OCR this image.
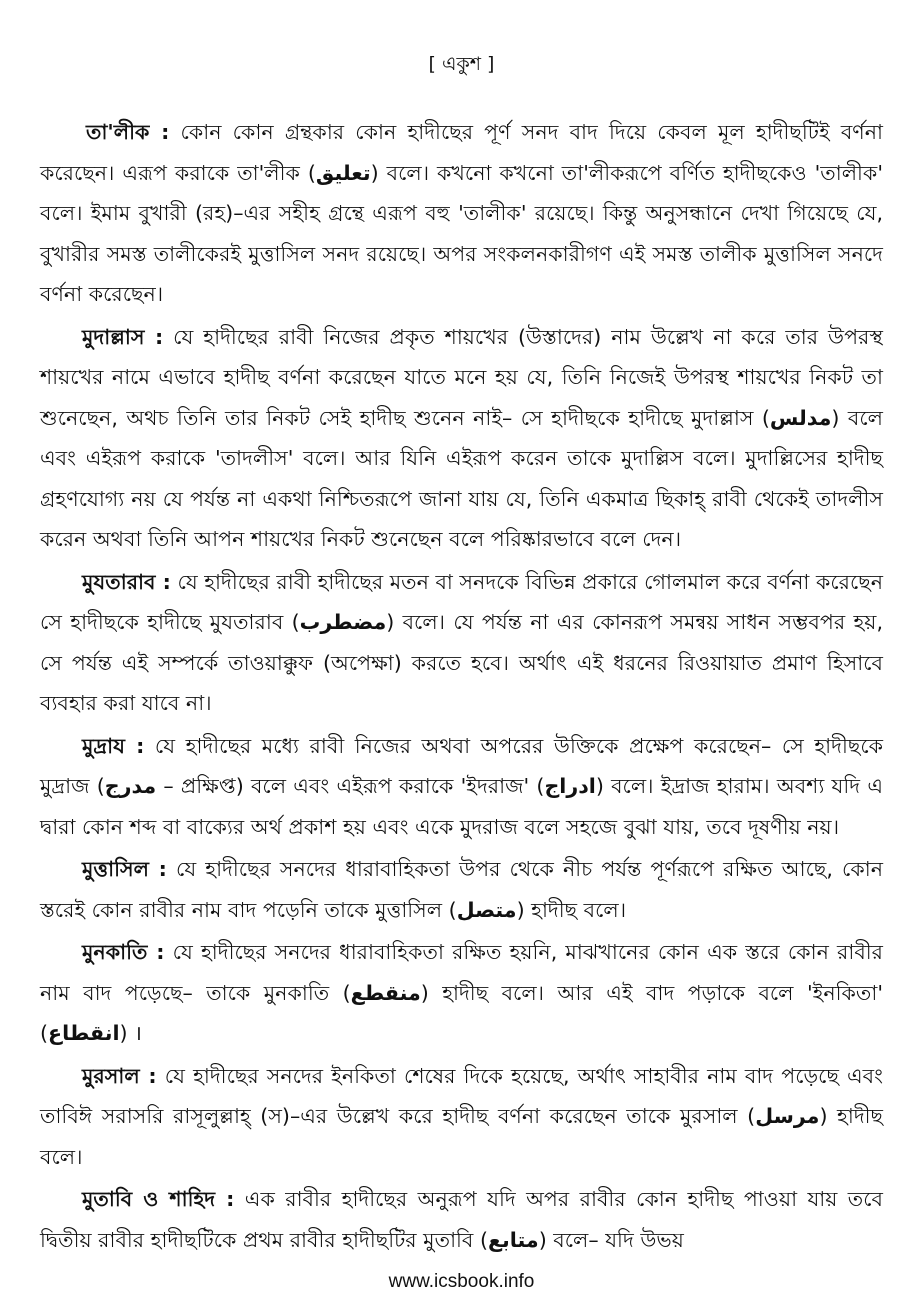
[ একুশ ]

তা'লীক : কোন কোন গ্রন্থকার কোন হাদীছের পূর্ণ সনদ বাদ দিয়ে কেবল মূল হাদীছটিই বর্ণনা করেছেন। এরূপ করাকে তা'লীক (تعليق) বলে। কখনো কখনো তা'লীকরূপে বর্ণিত হাদীছকেও 'তালীক' বলে। ইমাম বুখারী (রহ)–এর সহীহ গ্রন্থে এরূপ বহু 'তালীক' রয়েছে। কিন্তু অনুসন্ধানে দেখা গিয়েছে যে, বুখারীর সমস্ত তালীকেরই মুত্তাসিল সনদ রয়েছে। অপর সংকলনকারীগণ এই সমস্ত তালীক মুত্তাসিল সনদে বর্ণনা করেছেন।

মুদাল্লাস : যে হাদীছের রাবী নিজের প্রকৃত শায়খের (উস্তাদের) নাম উল্লেখ না করে তার উপরস্থ শায়খের নামে এভাবে হাদীছ বর্ণনা করেছেন যাতে মনে হয় যে, তিনি নিজেই উপরস্থ শায়খের নিকট তা শুনেছেন, অথচ তিনি তার নিকট সেই হাদীছ শুনেন নাই– সে হাদীছকে হাদীছে মুদাল্লাস (مدلس) বলে এবং এইরূপ করাকে 'তাদলীস' বলে। আর যিনি এইরূপ করেন তাকে মুদাল্লিস বলে। মুদাল্লিসের হাদীছ গ্রহণযোগ্য নয় যে পর্যন্ত না একথা নিশ্চিতরূপে জানা যায় যে, তিনি একমাত্র ছিকাহ্ রাবী থেকেই তাদলীস করেন অথবা তিনি আপন শায়খের নিকট শুনেছেন বলে পরিষ্কারভাবে বলে দেন।

মুযতারাব : যে হাদীছের রাবী হাদীছের মতন বা সনদকে বিভিন্ন প্রকারে গোলমাল করে বর্ণনা করেছেন সে হাদীছকে হাদীছে মুযতারাব (مضطرب) বলে। যে পর্যন্ত না এর কোনরূপ সমন্বয় সাধন সম্ভবপর হয়, সে পর্যন্ত এই সম্পর্কে তাওয়াক্কুফ (অপেক্ষা) করতে হবে। অর্থাৎ এই ধরনের রিওয়ায়াত প্রমাণ হিসাবে ব্যবহার করা যাবে না।

মুদ্রায : যে হাদীছের মধ্যে রাবী নিজের অথবা অপরের উক্তিকে প্রক্ষেপ করেছেন– সে হাদীছকে মুদ্রাজ (مدرج – প্রক্ষিপ্ত) বলে এবং এইরূপ করাকে 'ইদরাজ' (ادراج) বলে। ইদ্রাজ হারাম। অবশ্য যদি এ দ্বারা কোন শব্দ বা বাক্যের অর্থ প্রকাশ হয় এবং একে মুদরাজ বলে সহজে বুঝা যায়, তবে দূষণীয় নয়।

মুত্তাসিল : যে হাদীছের সনদের ধারাবাহিকতা উপর থেকে নীচ পর্যন্ত পূর্ণরূপে রক্ষিত আছে, কোন স্তরেই কোন রাবীর নাম বাদ পড়েনি তাকে মুত্তাসিল (متصل) হাদীছ বলে।

মুনকাতি : যে হাদীছের সনদের ধারাবাহিকতা রক্ষিত হয়নি, মাঝখানের কোন এক স্তরে কোন রাবীর নাম বাদ পড়েছে– তাকে মুনকাতি (منقطع) হাদীছ বলে। আর এই বাদ পড়াকে বলে 'ইনকিতা' (انقطاع) ।

মুরসাল : যে হাদীছের সনদের ইনকিতা শেষের দিকে হয়েছে, অর্থাৎ সাহাবীর নাম বাদ পড়েছে এবং তাবিঈ সরাসরি রাসূলুল্লাহ্ (স)–এর উল্লেখ করে হাদীছ বর্ণনা করেছেন তাকে মুরসাল (مرسل) হাদীছ বলে।

মুতাবি ও শাহিদ : এক রাবীর হাদীছের অনুরূপ যদি অপর রাবীর কোন হাদীছ পাওয়া যায় তবে দ্বিতীয় রাবীর হাদীছটিকে প্রথম রাবীর হাদীছটির মুতাবি (متابع) বলে– যদি উভয়

www.icsbook.info
